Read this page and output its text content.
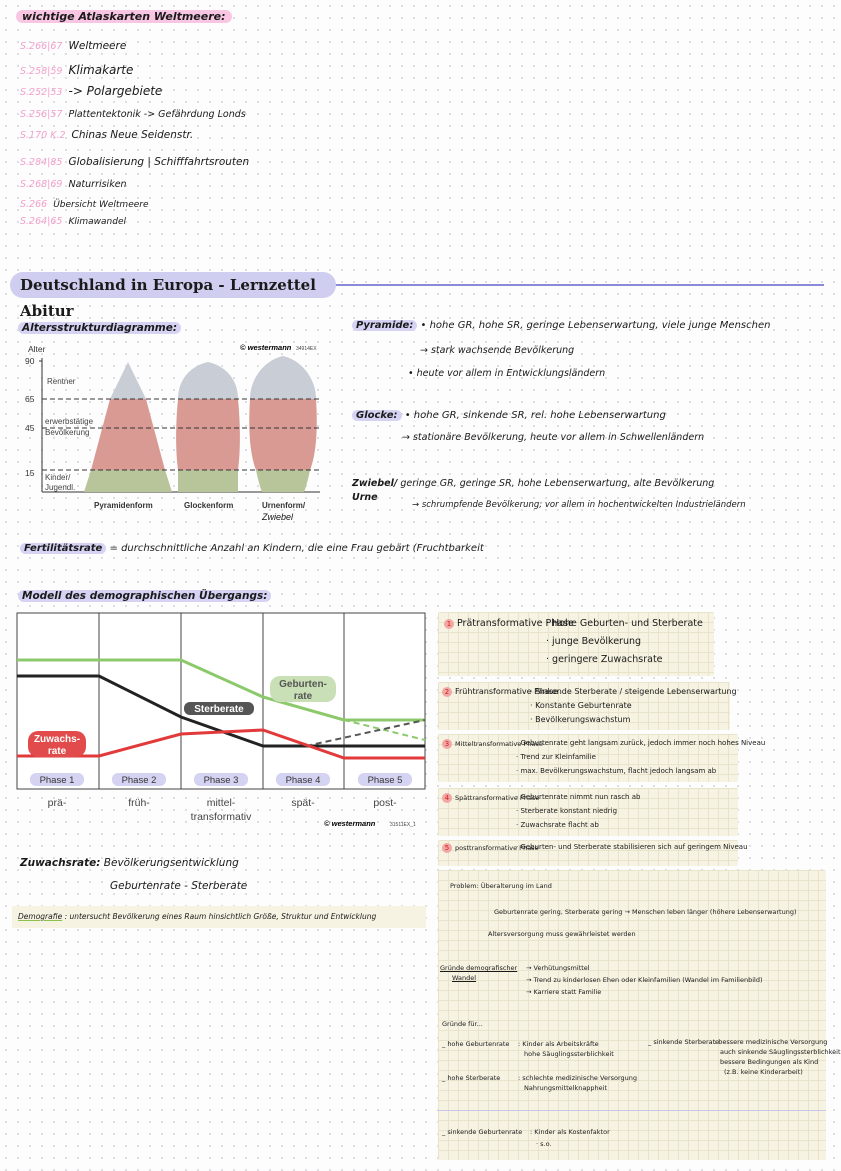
wichtige Atlaskarten Weltmeere:
S.266|67 Weltmeere
S.258|59 Klimakarte
S.252|53 -> Polargebiete
S.256|57 Plattentektonik -> Gefährdung Londs
S.170 K.2 Chinas Neue Seidenstr.
S.284|85 Globalisierung | Schifffahrtsrouten
S.268|69 Naturrisiken
S.266 Übersicht Weltmeere
S.264|65 Klimawandel
Deutschland in Europa - Lernzettel Abitur
Altersstrukturdiagramme:
© westermann 34914EX
Alter
90
65
45
15
Rentner
erwerbstätige
Bevölkerung
Kinder/
Jugendl.
Pyramidenform	Glockenform	Urnenform/
Zwiebel
Pyramide: • hohe GR, hohe SR, geringe Lebenserwartung, viele junge Menschen
→ stark wachsende Bevölkerung
• heute vor allem in Entwicklungsländern
Glocke: • hohe GR, sinkende SR, rel. hohe Lebenserwartung
→ stationäre Bevölkerung, heute vor allem in Schwellenländern
Zwiebel/ geringe GR, geringe SR, hohe Lebenserwartung, alte Bevölkerung
Urne
→ schrumpfende Bevölkerung; vor allem in hochentwickelten Industrieländern
Fertilitätsrate = durchschnittliche Anzahl an Kindern, die eine Frau gebärt (Fruchtbarkeit
Modell des demographischen Übergangs:
Geburten-
rate
Sterberate
Zuwachs-
rate
Phase 1	Phase 2	Phase 3	Phase 4	Phase 5
prä-	früh-	mittel-	spät-	post-
transformativ
© westermann	31511EX_1
Zuwachsrate: Bevölkerungsentwicklung
Geburtenrate - Sterberate
Demografie : untersucht Bevölkerung eines Raum hinsichtlich Größe, Struktur und Entwicklung
1 Prätransformative Phase
· Hohe Geburten- und Sterberate
· junge Bevölkerung
· geringere Zuwachsrate
2 Frühtransformative Phase
· Sinkende Sterberate / steigende Lebenserwartung
· Konstante Geburtenrate
· Bevölkerungswachstum
3 Mitteltransformative Phase
· Geburtenrate geht langsam zurück, jedoch immer noch hohes Niveau
· Trend zur Kleinfamilie
· max. Bevölkerungswachstum, flacht jedoch langsam ab
4 Spättransformative Phase
· Geburtenrate nimmt nun rasch ab
· Sterberate konstant niedrig
· Zuwachsrate flacht ab
5 posttransformative Phase
· Geburten- und Sterberate stabilisieren sich auf geringem Niveau
Problem: Überalterung im Land
Geburtenrate gering, Sterberate gering → Menschen leben länger (höhere Lebenserwartung)
Altersversorgung muss gewährleistet werden
Gründe demografischer
Wandel
→ Verhütungsmittel
→ Trend zu kinderlosen Ehen oder Kleinfamilien (Wandel im Familienbild)
→ Karriere statt Familie
Gründe für...
_ hohe Geburtenrate : Kinder als Arbeitskräfte
hohe Säuglingssterblichkeit
_ hohe Sterberate	: schlechte medizinische Versorgung
Nahrungsmittelknappheit
_ sinkende Sterberate
: bessere medizinische Versorgung
auch sinkende Säuglingssterblichkeit
bessere Bedingungen als Kind
(z.B. keine Kinderarbeit)
_ sinkende Geburtenrate : Kinder als Kostenfaktor
· s.o.
